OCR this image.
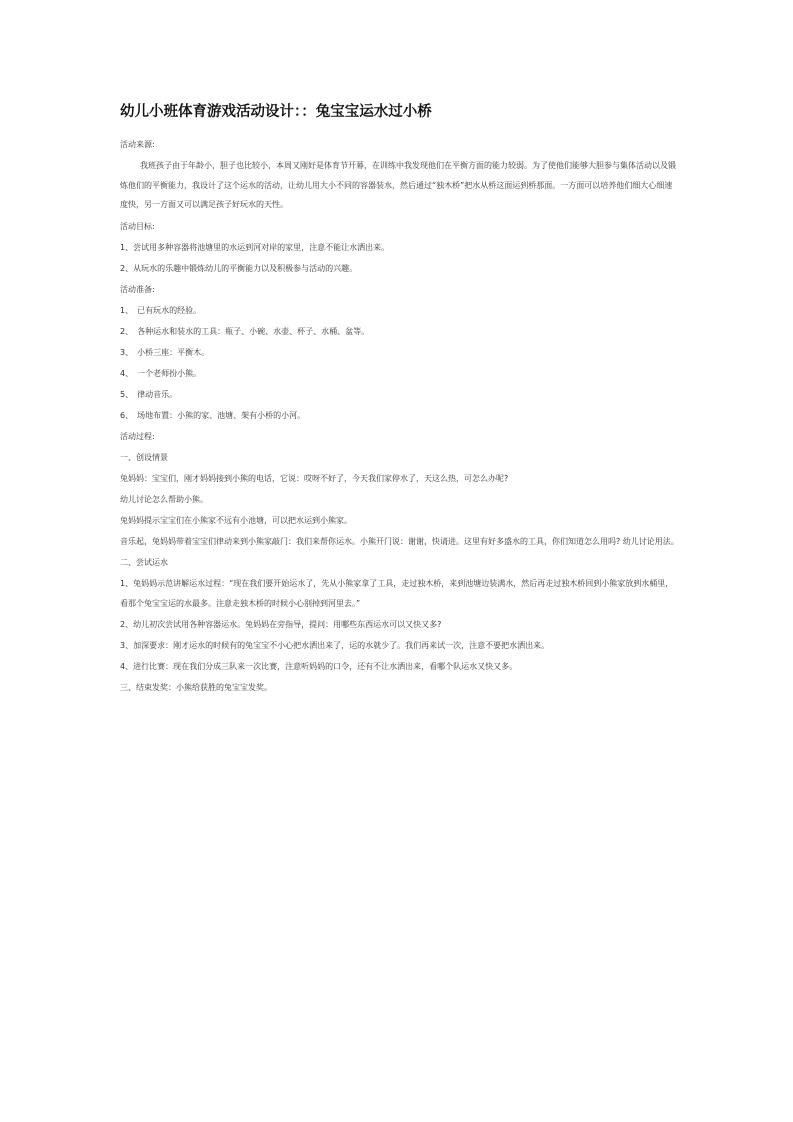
幼儿小班体育游戏活动设计：：兔宝宝运水过小桥
活动来源:
我班孩子由于年龄小，胆子也比较小，本周又刚好是体育节开幕，在训练中我发现他们在平衡方面的能力较弱。为了使他们能够大胆参与集体活动以及锻炼他们的平衡能力，我设计了这个运水的活动，让幼儿用大小不同的容器装水，然后通过“独木桥”把水从桥这面运到桥那面。一方面可以培养他们细大心细速度快，另一方面又可以满足孩子好玩水的天性。
活动目标:
1、尝试用多种容器将池塘里的水运到河对岸的家里，注意不能让水洒出来。
2、从玩水的乐趣中锻炼幼儿的平衡能力以及积极参与活动的兴趣。
活动准备:
1、　已有玩水的经验。
2、　各种运水和装水的工具：瓶子、小碗、水壶、杯子、水桶、盆等。
3、　小桥三座：平衡木。
4、　一个老师扮小熊。
5、　律动音乐。
6、　场地布置：小熊的家、池塘、架有小桥的小河。
活动过程:
一、创设情景
兔妈妈：宝宝们，刚才妈妈接到小熊的电话，它说：哎呀不好了，今天我们家停水了，天这么热，可怎么办呢?
幼儿讨论怎么帮助小熊。
兔妈妈提示宝宝们在小熊家不远有小池塘，可以把水运到小熊家。
音乐起，兔妈妈带着宝宝们律动来到小熊家敲门：我们来帮你运水。小熊开门说：谢谢，快请进。这里有好多盛水的工具，你们知道怎么用吗? 幼儿讨论用法。
二、尝试运水
1、兔妈妈示范讲解运水过程：“现在我们要开始运水了，先从小熊家拿了工具，走过独木桥，来到池塘边装满水，然后再走过独木桥回到小熊家放到水桶里，看那个兔宝宝运的水最多。注意走独木桥的时候小心别掉到河里去。”
2、幼儿初次尝试用各种容器运水。兔妈妈在旁指导，提问：用哪些东西运水可以又快又多?
3、加深要求：刚才运水的时候有的兔宝宝不小心把水洒出来了，运的水就少了。我们再来试一次，注意不要把水洒出来。
4、进行比赛：现在我们分成三队来一次比赛，注意听妈妈的口令，还有不让水洒出来，看哪个队运水又快又多。
三、结束发奖：小熊给获胜的兔宝宝发奖。
